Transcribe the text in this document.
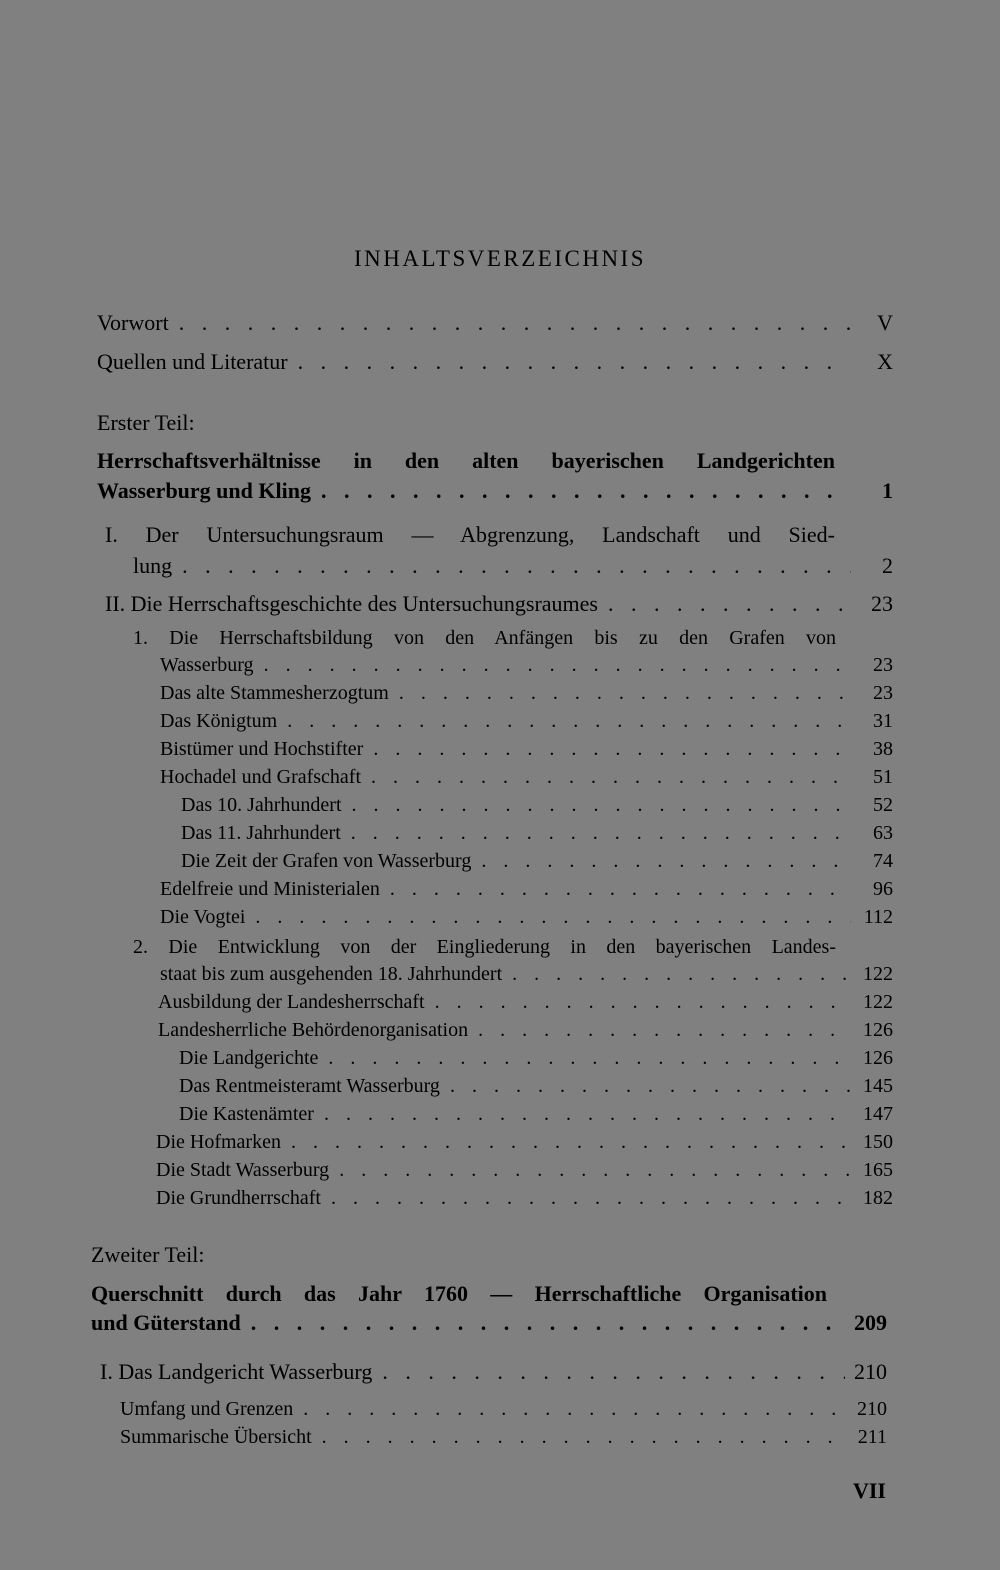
INHALTSVERZEICHNIS
Vorwort . . .	V
Quellen und Literatur . . .	X
Erster Teil:
Herrschaftsverhältnisse in den alten bayerischen Landgerichten
Wasserburg und Kling . . .	1
I. Der Untersuchungsraum — Abgrenzung, Landschaft und Sied-
lung . . .	2
II. Die Herrschaftsgeschichte des Untersuchungsraumes . . .	23
1. Die Herrschaftsbildung von den Anfängen bis zu den Grafen von
Wasserburg . . .	23
Das alte Stammesherzogtum . . .	23
Das Königtum . . .	31
Bistümer und Hochstifter . . .	38
Hochadel und Grafschaft . . .	51
Das 10. Jahrhundert . . .	52
Das 11. Jahrhundert . . .	63
Die Zeit der Grafen von Wasserburg . . .	74
Edelfreie und Ministerialen . . .	96
Die Vogtei . . .	112
2. Die Entwicklung von der Eingliederung in den bayerischen Landes-
staat bis zum ausgehenden 18. Jahrhundert . . .	122
Ausbildung der Landesherrschaft . . .	122
Landesherrliche Behördenorganisation . . .	126
Die Landgerichte . . .	126
Das Rentmeisteramt Wasserburg . . .	145
Die Kastenämter . . .	147
Die Hofmarken . . .	150
Die Stadt Wasserburg . . .	165
Die Grundherrschaft . . .	182
Zweiter Teil:
Querschnitt durch das Jahr 1760 — Herrschaftliche Organisation
und Güterstand . . .	209
I. Das Landgericht Wasserburg . . .	210
Umfang und Grenzen . . .	210
Summarische Übersicht . . .	211
VII
